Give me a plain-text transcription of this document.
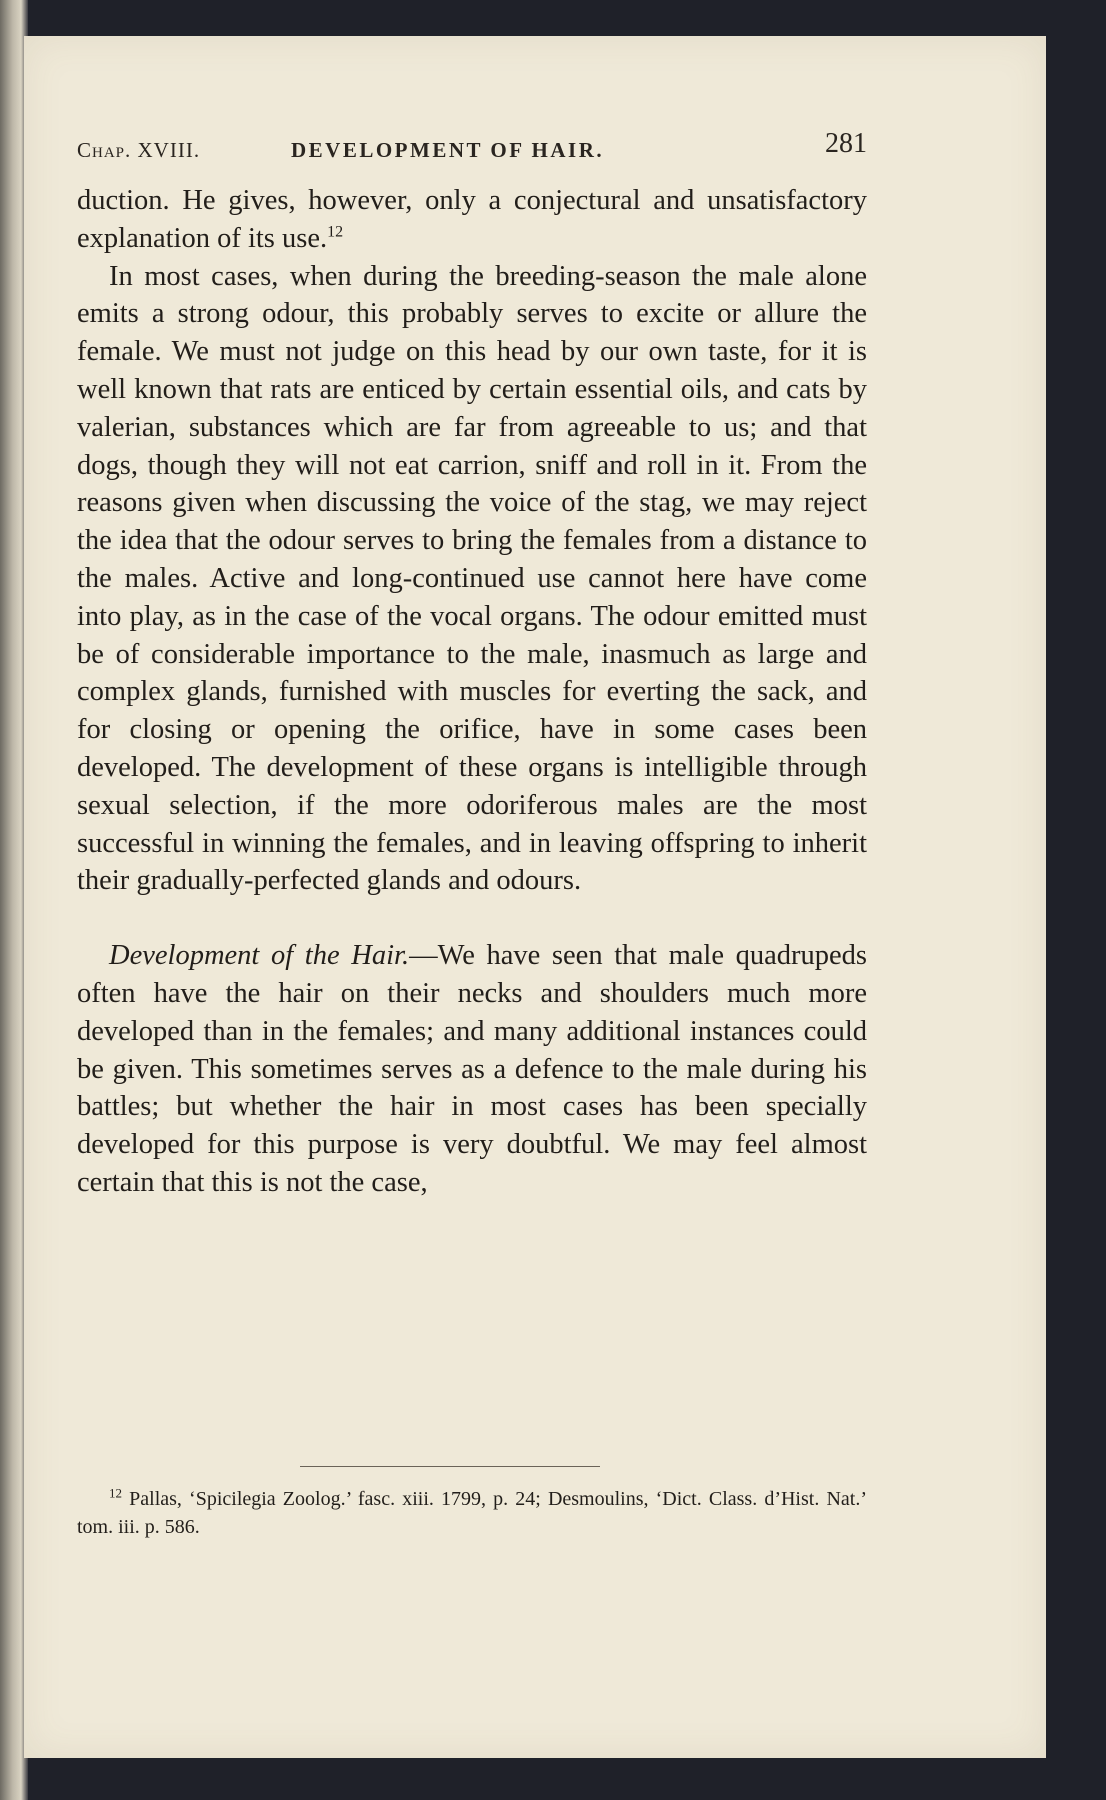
Chap. XVIII.	DEVELOPMENT OF HAIR.	281

duction. He gives, however, only a conjectural and unsatisfactory explanation of its use.$^{12}$

In most cases, when during the breeding-season the male alone emits a strong odour, this probably serves to excite or allure the female. We must not judge on this head by our own taste, for it is well known that rats are enticed by certain essential oils, and cats by valerian, substances which are far from agreeable to us; and that dogs, though they will not eat carrion, sniff and roll in it. From the reasons given when discussing the voice of the stag, we may reject the idea that the odour serves to bring the females from a distance to the males. Active and long-continued use cannot here have come into play, as in the case of the vocal organs. The odour emitted must be of considerable importance to the male, inasmuch as large and complex glands, furnished with muscles for everting the sack, and for closing or opening the orifice, have in some cases been developed. The development of these organs is intelligible through sexual selection, if the more odoriferous males are the most successful in winning the females, and in leaving offspring to inherit their gradually-perfected glands and odours.

Development of the Hair.—We have seen that male quadrupeds often have the hair on their necks and shoulders much more developed than in the females; and many additional instances could be given. This sometimes serves as a defence to the male during his battles; but whether the hair in most cases has been specially developed for this purpose is very doubtful. We may feel almost certain that this is not the case,

$^{12}$ Pallas, ‘Spicilegia Zoolog.’ fasc. xiii. 1799, p. 24; Desmoulins, ‘Dict. Class. d’Hist. Nat.’ tom. iii. p. 586.
